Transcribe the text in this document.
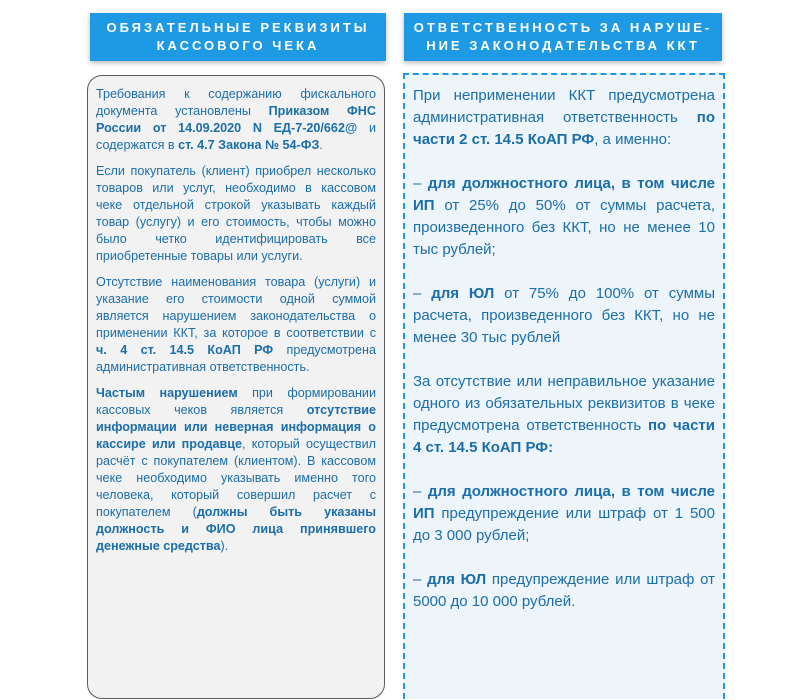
ОБЯЗАТЕЛЬНЫЕ РЕКВИЗИТЫ
КАССОВОГО ЧЕКА
ОТВЕТСТВЕННОСТЬ ЗА НАРУШЕ-
НИЕ ЗАКОНОДАТЕЛЬСТВА ККТ

Требования к содержанию фискального документа установлены Приказом ФНС России от 14.09.2020 N ЕД-7-20/662@ и содержатся в ст. 4.7 Закона № 54-ФЗ.

Если покупатель (клиент) приобрел несколько товаров или услуг, необходимо в кассовом чеке отдельной строкой указывать каждый товар (услугу) и его стоимость, чтобы можно было четко идентифицировать все приобретенные товары или услуги.

Отсутствие наименования товара (услуги) и указание его стоимости одной суммой является нарушением законодательства о применении ККТ, за которое в соответствии с ч. 4 ст. 14.5 КоАП РФ предусмотрена административная ответственность.

Частым нарушением при формировании кассовых чеков является отсутствие информации или неверная информация о кассире или продавце, который осуществил расчёт с покупателем (клиентом). В кассовом чеке необходимо указывать именно того человека, который совершил расчет с покупателем (должны быть указаны должность и ФИО лица принявшего денежные средства).

При неприменении ККТ предусмотрена административная ответственность по части 2 ст. 14.5 КоАП РФ, а именно:

– для должностного лица, в том числе ИП от 25% до 50% от суммы расчета, произведенного без ККТ, но не менее 10 тыс рублей;

– для ЮЛ от 75% до 100% от суммы расчета, произведенного без ККТ, но не менее 30 тыс рублей

За отсутствие или неправильное указание одного из обязательных реквизитов в чеке предусмотрена ответственность по части 4 ст. 14.5 КоАП РФ:

– для должностного лица, в том числе ИП предупреждение или штраф от 1 500 до 3 000 рублей;

– для ЮЛ предупреждение или штраф от 5000 до 10 000 рублей.
